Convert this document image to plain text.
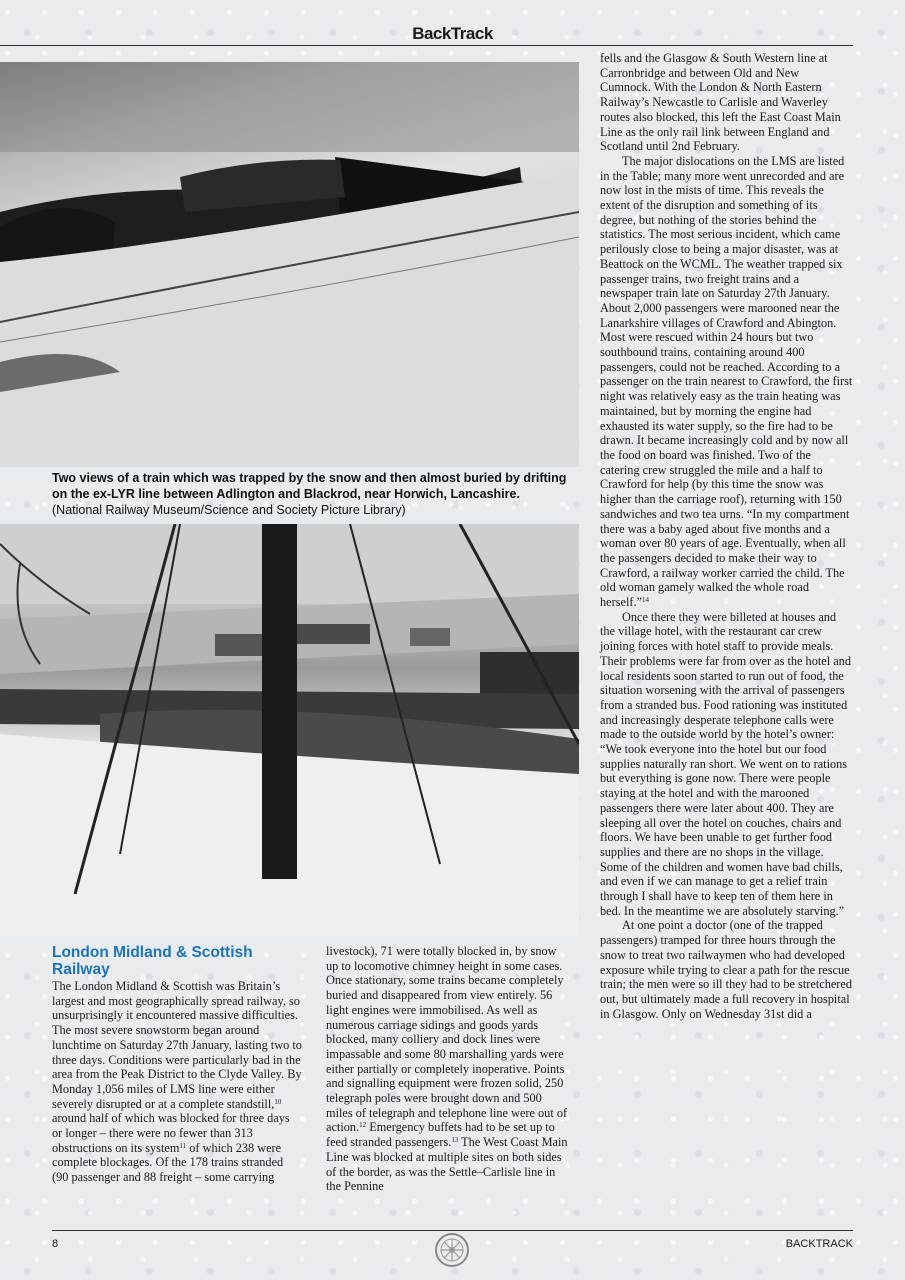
BackTrack
Two views of a train which was trapped by the snow and then almost buried by drifting on the ex-LYR line between Adlington and Blackrod, near Horwich, Lancashire.
(National Railway Museum/Science and Society Picture Library)
London Midland & Scottish Railway

The London Midland & Scottish was Britain’s largest and most geographically spread railway, so unsurprisingly it encountered massive difficulties. The most severe snowstorm began around lunchtime on Saturday 27th January, lasting two to three days. Conditions were particularly bad in the area from the Peak District to the Clyde Valley. By Monday 1,056 miles of LMS line were either severely disrupted or at a complete standstill,$^{10}$ around half of which was blocked for three days or longer – there were no fewer than 313 obstructions on its system$^{11}$ of which 238 were complete blockages. Of the 178 trains stranded (90 passenger and 88 freight – some carrying

livestock), 71 were totally blocked in, by snow up to locomotive chimney height in some cases. Once stationary, some trains became completely buried and disappeared from view entirely. 56 light engines were immobilised. As well as numerous carriage sidings and goods yards blocked, many colliery and dock lines were impassable and some 80 marshalling yards were either partially or completely inoperative. Points and signalling equipment were frozen solid, 250 telegraph poles were brought down and 500 miles of telegraph and telephone line were out of action.$^{12}$ Emergency buffets had to be set up to feed stranded passengers.$^{13}$ The West Coast Main Line was blocked at multiple sites on both sides of the border, as was the Settle–Carlisle line in the Pennine

fells and the Glasgow & South Western line at Carronbridge and between Old and New Cumnock. With the London & North Eastern Railway’s Newcastle to Carlisle and Waverley routes also blocked, this left the East Coast Main Line as the only rail link between England and Scotland until 2nd February.

The major dislocations on the LMS are listed in the Table; many more went unrecorded and are now lost in the mists of time. This reveals the extent of the disruption and something of its degree, but nothing of the stories behind the statistics. The most serious incident, which came perilously close to being a major disaster, was at Beattock on the WCML. The weather trapped six passenger trains, two freight trains and a newspaper train late on Saturday 27th January. About 2,000 passengers were marooned near the Lanarkshire villages of Crawford and Abington. Most were rescued within 24 hours but two southbound trains, containing around 400 passengers, could not be reached. According to a passenger on the train nearest to Crawford, the first night was relatively easy as the train heating was maintained, but by morning the engine had exhausted its water supply, so the fire had to be drawn. It became increasingly cold and by now all the food on board was finished. Two of the catering crew struggled the mile and a half to Crawford for help (by this time the snow was higher than the carriage roof), returning with 150 sandwiches and two tea urns. “In my compartment there was a baby aged about five months and a woman over 80 years of age. Eventually, when all the passengers decided to make their way to Crawford, a railway worker carried the child. The old woman gamely walked the whole road herself.”$^{14}$

Once there they were billeted at houses and the village hotel, with the restaurant car crew joining forces with hotel staff to provide meals. Their problems were far from over as the hotel and local residents soon started to run out of food, the situation worsening with the arrival of passengers from a stranded bus. Food rationing was instituted and increasingly desperate telephone calls were made to the outside world by the hotel’s owner: “We took everyone into the hotel but our food supplies naturally ran short. We went on to rations but everything is gone now. There were people staying at the hotel and with the marooned passengers there were later about 400. They are sleeping all over the hotel on couches, chairs and floors. We have been unable to get further food supplies and there are no shops in the village. Some of the children and women have bad chills, and even if we can manage to get a relief train through I shall have to keep ten of them here in bed. In the meantime we are absolutely starving.”

At one point a doctor (one of the trapped passengers) tramped for three hours through the snow to treat two railwaymen who had developed exposure while trying to clear a path for the rescue train; the men were so ill they had to be stretchered out, but ultimately made a full recovery in hospital in Glasgow. Only on Wednesday 31st did a

8	BACKTRACK
